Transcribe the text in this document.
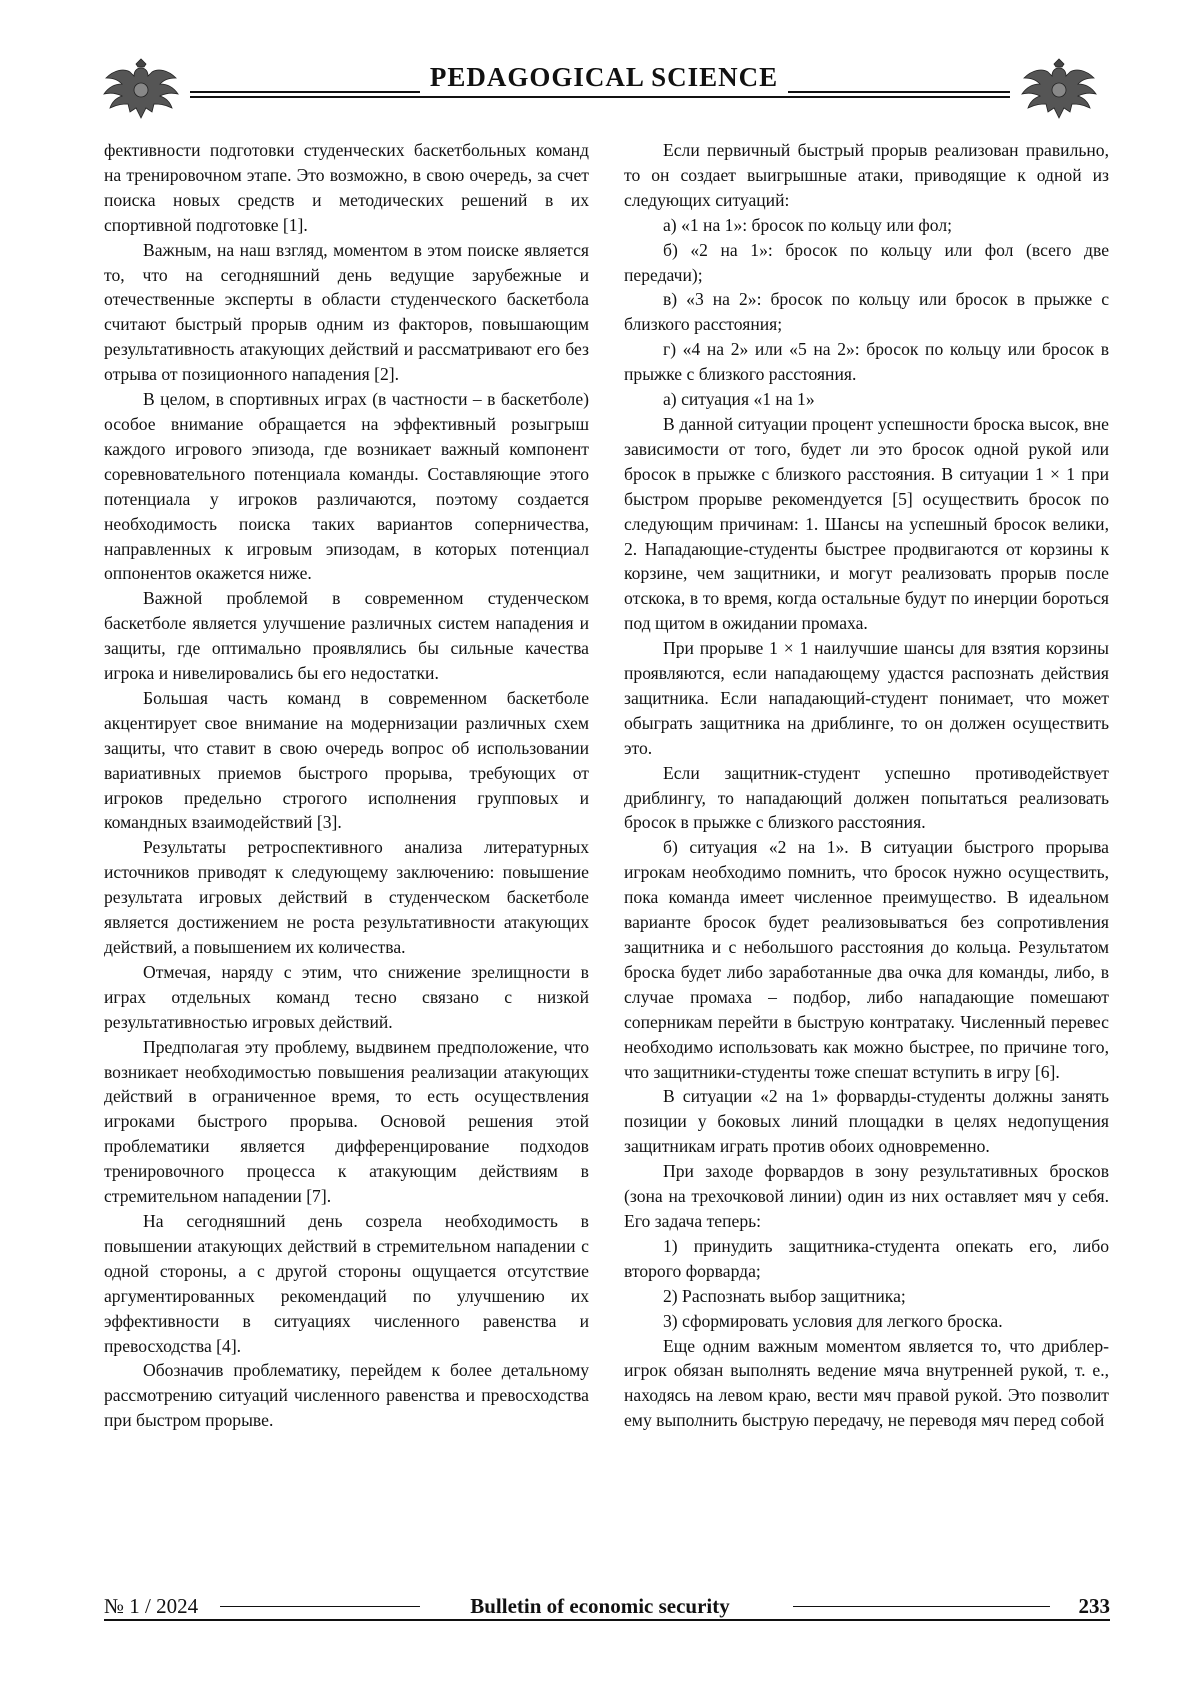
PEDAGOGICAL SCIENCE

фективности подготовки студенческих баскетбольных команд на тренировочном этапе. Это возможно, в свою очередь, за счет поиска новых средств и методических решений в их спортивной подготовке [1].

Важным, на наш взгляд, моментом в этом поиске является то, что на сегодняшний день ведущие зарубежные и отечественные эксперты в области студенческого баскетбола считают быстрый прорыв одним из факторов, повышающим результативность атакующих действий и рассматривают его без отрыва от позиционного нападения [2].

В целом, в спортивных играх (в частности – в баскетболе) особое внимание обращается на эффективный розыгрыш каждого игрового эпизода, где возникает важный компонент соревновательного потенциала команды. Составляющие этого потенциала у игроков различаются, поэтому создается необходимость поиска таких вариантов соперничества, направленных к игровым эпизодам, в которых потенциал оппонентов окажется ниже.

Важной проблемой в современном студенческом баскетболе является улучшение различных систем нападения и защиты, где оптимально проявлялись бы сильные качества игрока и нивелировались бы его недостатки.

Большая часть команд в современном баскетболе акцентирует свое внимание на модернизации различных схем защиты, что ставит в свою очередь вопрос об использовании вариативных приемов быстрого прорыва, требующих от игроков предельно строгого исполнения групповых и командных взаимодействий [3].

Результаты ретроспективного анализа литературных источников приводят к следующему заключению: повышение результата игровых действий в студенческом баскетболе является достижением не роста результативности атакующих действий, а повышением их количества.

Отмечая, наряду с этим, что снижение зрелищности в играх отдельных команд тесно связано с низкой результативностью игровых действий.

Предполагая эту проблему, выдвинем предположение, что возникает необходимостью повышения реализации атакующих действий в ограниченное время, то есть осуществления игроками быстрого прорыва. Основой решения этой проблематики является дифференцирование подходов тренировочного процесса к атакующим действиям в стремительном нападении [7].

На сегодняшний день созрела необходимость в повышении атакующих действий в стремительном нападении с одной стороны, а с другой стороны ощущается отсутствие аргументированных рекомендаций по улучшению их эффективности в ситуациях численного равенства и превосходства [4].

Обозначив проблематику, перейдем к более детальному рассмотрению ситуаций численного равенства и превосходства при быстром прорыве.

Если первичный быстрый прорыв реализован правильно, то он создает выигрышные атаки, приводящие к одной из следующих ситуаций:

а) «1 на 1»: бросок по кольцу или фол;

б) «2 на 1»: бросок по кольцу или фол (всего две передачи);

в) «3 на 2»: бросок по кольцу или бросок в прыжке с близкого расстояния;

г) «4 на 2» или «5 на 2»: бросок по кольцу или бросок в прыжке с близкого расстояния.

а) ситуация «1 на 1»

В данной ситуации процент успешности броска высок, вне зависимости от того, будет ли это бросок одной рукой или бросок в прыжке с близкого расстояния. В ситуации 1 × 1 при быстром прорыве рекомендуется [5] осуществить бросок по следующим причинам: 1. Шансы на успешный бросок велики, 2. Нападающие-студенты быстрее продвигаются от корзины к корзине, чем защитники, и могут реализовать прорыв после отскока, в то время, когда остальные будут по инерции бороться под щитом в ожидании промаха.

При прорыве 1 × 1 наилучшие шансы для взятия корзины проявляются, если нападающему удастся распознать действия защитника. Если нападающий-студент понимает, что может обыграть защитника на дриблинге, то он должен осуществить это.

Если защитник-студент успешно противодействует дриблингу, то нападающий должен попытаться реализовать бросок в прыжке с близкого расстояния.

б) ситуация «2 на 1». В ситуации быстрого прорыва игрокам необходимо помнить, что бросок нужно осуществить, пока команда имеет численное преимущество. В идеальном варианте бросок будет реализовываться без сопротивления защитника и с небольшого расстояния до кольца. Результатом броска будет либо заработанные два очка для команды, либо, в случае промаха – подбор, либо нападающие помешают соперникам перейти в быструю контратаку. Численный перевес необходимо использовать как можно быстрее, по причине того, что защитники-студенты тоже спешат вступить в игру [6].

В ситуации «2 на 1» форварды-студенты должны занять позиции у боковых линий площадки в целях недопущения защитникам играть против обоих одновременно.

При заходе форвардов в зону результативных бросков (зона на трехочковой линии) один из них оставляет мяч у себя. Его задача теперь:

1) принудить защитника-студента опекать его, либо второго форварда;

2) Распознать выбор защитника;

3) сформировать условия для легкого броска.

Еще одним важным моментом является то, что дриблер-игрок обязан выполнять ведение мяча внутренней рукой, т. е., находясь на левом краю, вести мяч правой рукой. Это позволит ему выполнить быструю передачу, не переводя мяч перед собой

№ 1 / 2024	Bulletin of economic security	233
